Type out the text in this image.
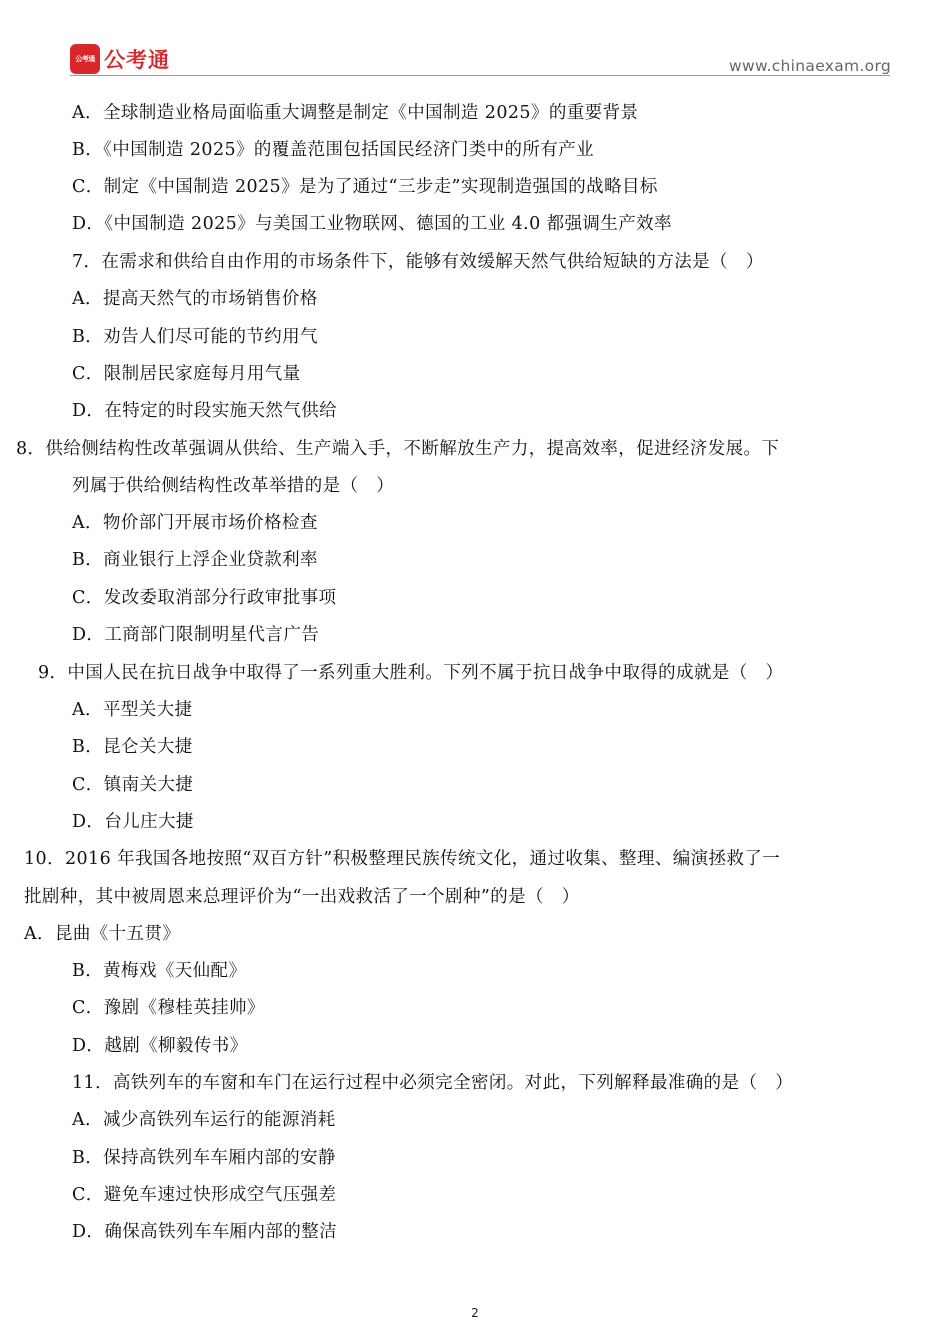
公考通 公考通	www.chinaexam.org
A．全球制造业格局面临重大调整是制定《中国制造 2025》的重要背景
B．《中国制造 2025》的覆盖范围包括国民经济门类中的所有产业
C．制定《中国制造 2025》是为了通过“三步走”实现制造强国的战略目标
D．《中国制造 2025》与美国工业物联网、德国的工业 4.0 都强调生产效率
7．在需求和供给自由作用的市场条件下，能够有效缓解天然气供给短缺的方法是（　）
A．提高天然气的市场销售价格
B．劝告人们尽可能的节约用气
C．限制居民家庭每月用气量
D．在特定的时段实施天然气供给
8．供给侧结构性改革强调从供给、生产端入手，不断解放生产力，提高效率，促进经济发展。下
列属于供给侧结构性改革举措的是（　）
A．物价部门开展市场价格检查
B．商业银行上浮企业贷款利率
C．发改委取消部分行政审批事项
D．工商部门限制明星代言广告
9．中国人民在抗日战争中取得了一系列重大胜利。下列不属于抗日战争中取得的成就是（　）
A．平型关大捷
B．昆仑关大捷
C．镇南关大捷
D．台儿庄大捷
10．2016 年我国各地按照“双百方针”积极整理民族传统文化，通过收集、整理、编演拯救了一
批剧种，其中被周恩来总理评价为“一出戏救活了一个剧种”的是（　）
A．昆曲《十五贯》
B．黄梅戏《天仙配》
C．豫剧《穆桂英挂帅》
D．越剧《柳毅传书》
11．高铁列车的车窗和车门在运行过程中必须完全密闭。对此，下列解释最准确的是（　）
A．减少高铁列车运行的能源消耗
B．保持高铁列车车厢内部的安静
C．避免车速过快形成空气压强差
D．确保高铁列车车厢内部的整洁
2
